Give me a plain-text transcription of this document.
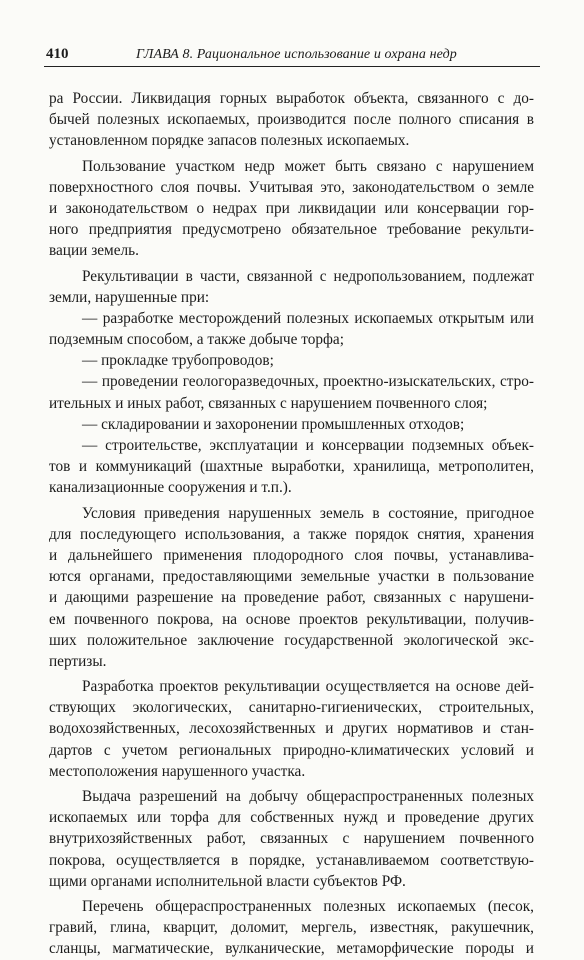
410	ГЛАВА 8. Рациональное использование и охрана недр
ра России. Ликвидация горных выработок объекта, связанного с до-
бычей полезных ископаемых, производится после полного списания в
установленном порядке запасов полезных ископаемых.
Пользование участком недр может быть связано с нарушением
поверхностного слоя почвы. Учитывая это, законодательством о земле
и законодательством о недрах при ликвидации или консервации гор-
ного предприятия предусмотрено обязательное требование рекульти-
вации земель.
Рекультивации в части, связанной с недропользованием, подлежат
земли, нарушенные при:
— разработке месторождений полезных ископаемых открытым или
подземным способом, а также добыче торфа;
— прокладке трубопроводов;
— проведении геологоразведочных, проектно-изыскательских, стро-
ительных и иных работ, связанных с нарушением почвенного слоя;
— складировании и захоронении промышленных отходов;
— строительстве, эксплуатации и консервации подземных объек-
тов и коммуникаций (шахтные выработки, хранилища, метрополитен,
канализационные сооружения и т.п.).
Условия приведения нарушенных земель в состояние, пригодное
для последующего использования, а также порядок снятия, хранения
и дальнейшего применения плодородного слоя почвы, устанавлива-
ются органами, предоставляющими земельные участки в пользование
и дающими разрешение на проведение работ, связанных с нарушени-
ем почвенного покрова, на основе проектов рекультивации, получив-
ших положительное заключение государственной экологической экс-
пертизы.
Разработка проектов рекультивации осуществляется на основе дей-
ствующих экологических, санитарно-гигиенических, строительных,
водохозяйственных, лесохозяйственных и других нормативов и стан-
дартов с учетом региональных природно-климатических условий и
местоположения нарушенного участка.
Выдача разрешений на добычу общераспространенных полезных
ископаемых или торфа для собственных нужд и проведение других
внутрихозяйственных работ, связанных с нарушением почвенного
покрова, осуществляется в порядке, устанавливаемом соответствую-
щими органами исполнительной власти субъектов РФ.
Перечень общераспространенных полезных ископаемых (песок,
гравий, глина, кварцит, доломит, мергель, известняк, ракушечник,
сланцы, магматические, вулканические, метаморфические породы и
